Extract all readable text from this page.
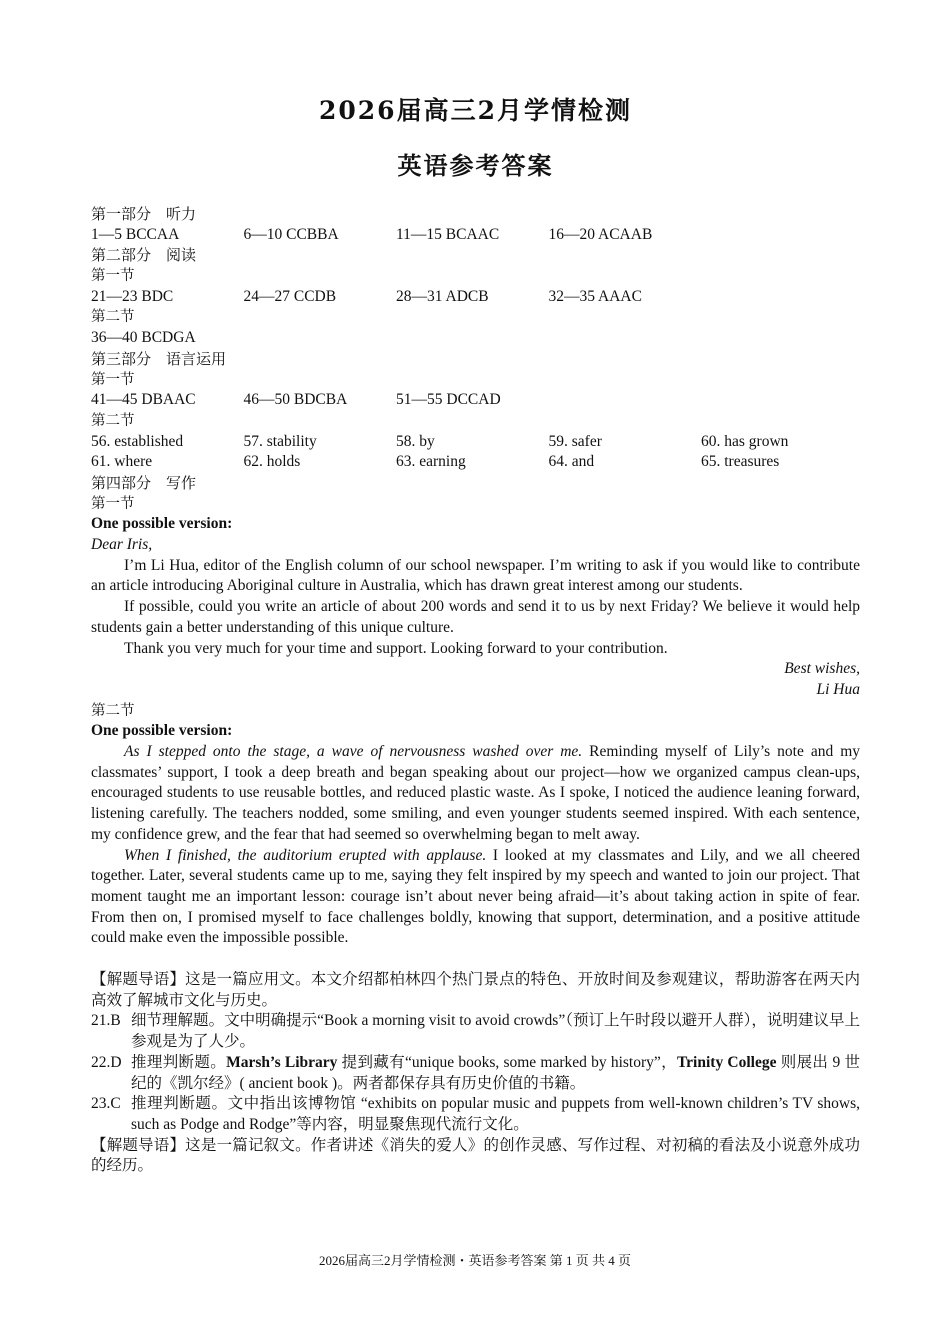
2026届高三2月学情检测
英语参考答案
第一部分　听力
1—5 BCCAA	6—10 CCBBA	11—15 BCAAC	16—20 ACAAB
第二部分　阅读
第一节
21—23 BDC	24—27 CCDB	28—31 ADCB	32—35 AAAC
第二节
36—40 BCDGA
第三部分　语言运用
第一节
41—45 DBAAC	46—50 BDCBA	51—55 DCCAD
第二节
56. established	57. stability	58. by	59. safer	60. has grown
61. where	62. holds	63. earning	64. and	65. treasures
第四部分　写作
第一节
One possible version:
Dear Iris,

I’m Li Hua, editor of the English column of our school newspaper. I’m writing to ask if you would like to contribute an article introducing Aboriginal culture in Australia, which has drawn great interest among our students.

If possible, could you write an article of about 200 words and send it to us by next Friday? We believe it would help students gain a better understanding of this unique culture.

Thank you very much for your time and support. Looking forward to your contribution.

Best wishes,
Li Hua
第二节
One possible version:

As I stepped onto the stage, a wave of nervousness washed over me. Reminding myself of Lily’s note and my classmates’ support, I took a deep breath and began speaking about our project—how we organized campus clean-ups, encouraged students to use reusable bottles, and reduced plastic waste. As I spoke, I noticed the audience leaning forward, listening carefully. The teachers nodded, some smiling, and even younger students seemed inspired. With each sentence, my confidence grew, and the fear that had seemed so overwhelming began to melt away.

When I finished, the auditorium erupted with applause. I looked at my classmates and Lily, and we all cheered together. Later, several students came up to me, saying they felt inspired by my speech and wanted to join our project. That moment taught me an important lesson: courage isn’t about never being afraid—it’s about taking action in spite of fear. From then on, I promised myself to face challenges boldly, knowing that support, determination, and a positive attitude could make even the impossible possible.

【解题导语】这是一篇应用文。本文介绍都柏林四个热门景点的特色、开放时间及参观建议，帮助游客在两天内高效了解城市文化与历史。

21.B 细节理解题。文中明确提示“Book a morning visit to avoid crowds”（预订上午时段以避开人群），说明建议早上参观是为了人少。
22.D 推理判断题。Marsh’s Library 提到藏有“unique books, some marked by history”，Trinity College 则展出 9 世纪的《凯尔经》( ancient book )。两者都保存具有历史价值的书籍。
23.C 推理判断题。文中指出该博物馆 “exhibits on popular music and puppets from well-known children’s TV shows, such as Podge and Rodge”等内容，明显聚焦现代流行文化。

【解题导语】这是一篇记叙文。作者讲述《消失的爱人》的创作灵感、写作过程、对初稿的看法及小说意外成功的经历。

2026届高三2月学情检测・英语参考答案 第 1 页 共 4 页
